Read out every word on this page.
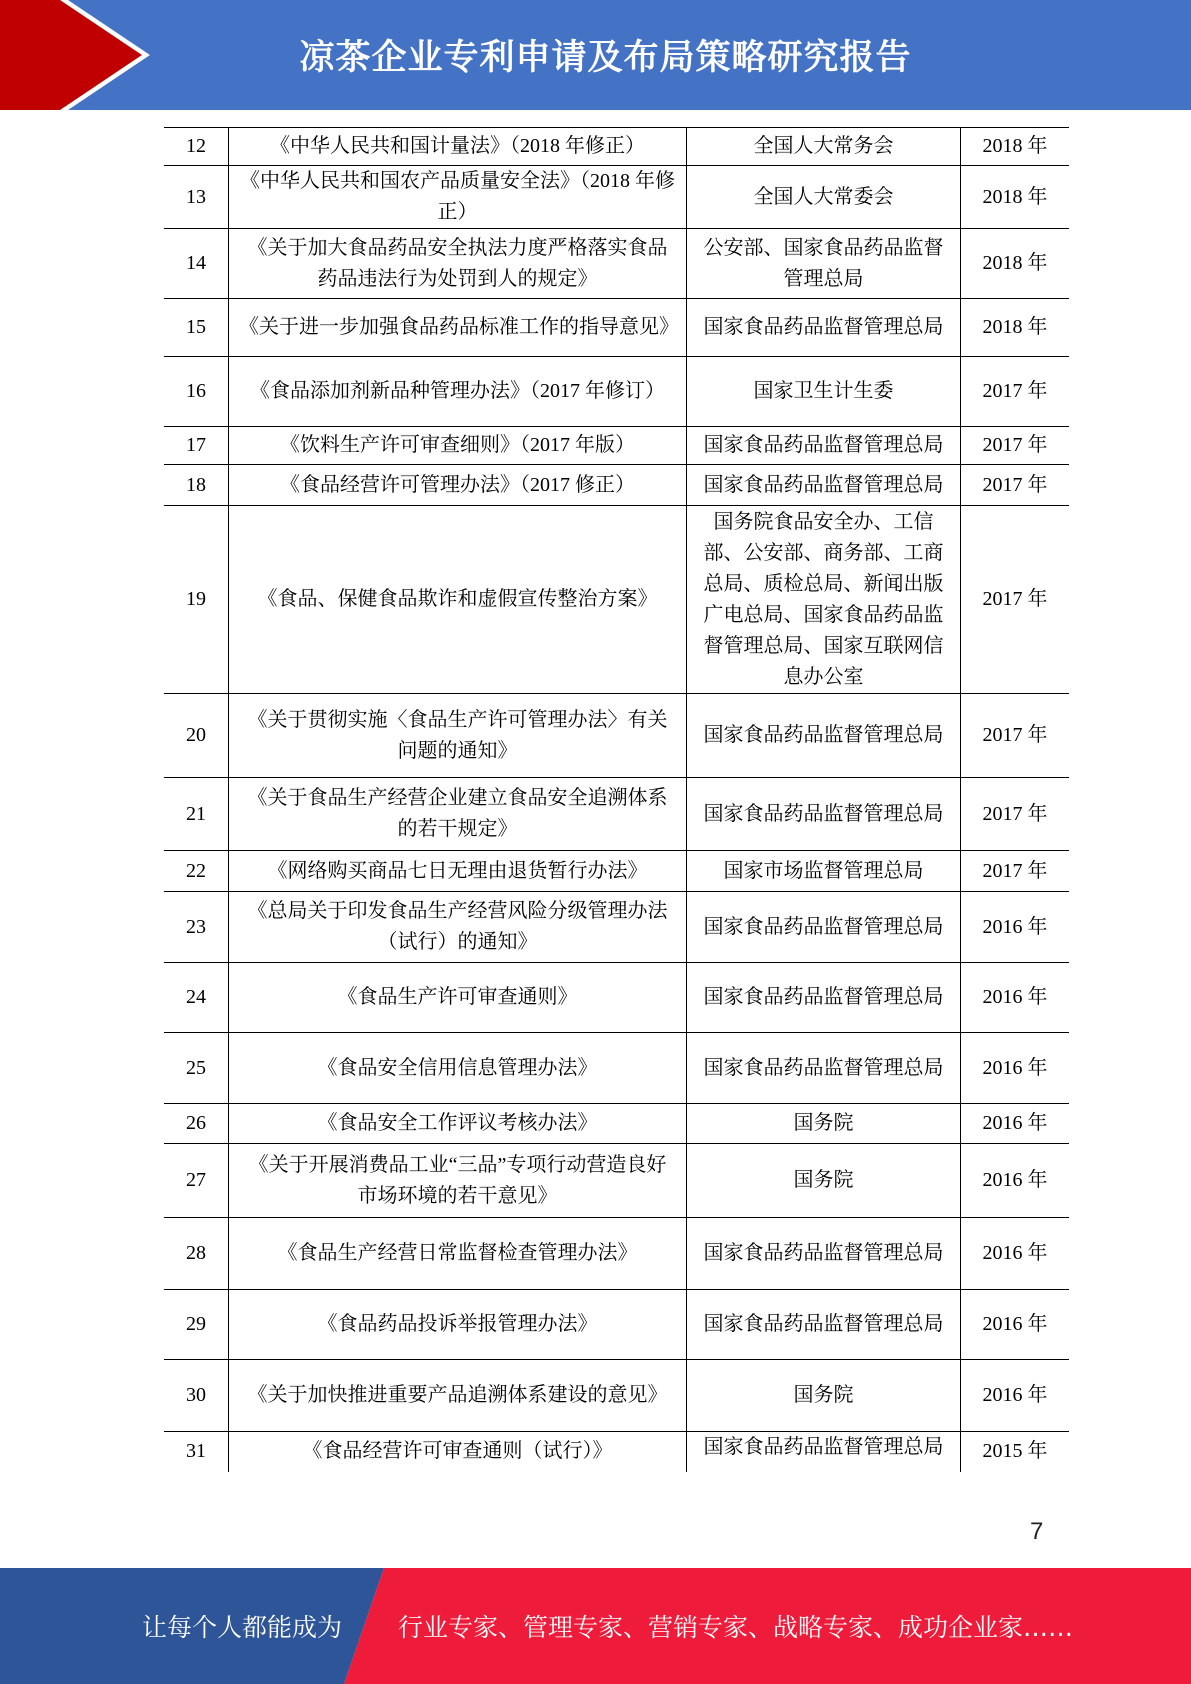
凉茶企业专利申请及布局策略研究报告
12	《中华人民共和国计量法》（2018 年修正）	全国人大常务会	2018 年

13	《中华人民共和国农产品质量安全法》（2018 年修正）	全国人大常委会	2018 年

14	《关于加大食品药品安全执法力度严格落实食品药品违法行为处罚到人的规定》	公安部、国家食品药品监督管理总局	2018 年

15	《关于进一步加强食品药品标准工作的指导意见》	国家食品药品监督管理总局	2018 年

16	《食品添加剂新品种管理办法》（2017 年修订）	国家卫生计生委	2017 年

17	《饮料生产许可审查细则》（2017 年版）	国家食品药品监督管理总局	2017 年

18	《食品经营许可管理办法》（2017 修正）	国家食品药品监督管理总局	2017 年

19	《食品、保健食品欺诈和虚假宣传整治方案》	国务院食品安全办、工信部、公安部、商务部、工商总局、质检总局、新闻出版广电总局、国家食品药品监督管理总局、国家互联网信息办公室	2017 年

20	《关于贯彻实施〈食品生产许可管理办法〉有关问题的通知》	国家食品药品监督管理总局	2017 年

21	《关于食品生产经营企业建立食品安全追溯体系的若干规定》	国家食品药品监督管理总局	2017 年

22	《网络购买商品七日无理由退货暂行办法》	国家市场监督管理总局	2017 年

23	《总局关于印发食品生产经营风险分级管理办法（试行）的通知》	国家食品药品监督管理总局	2016 年

24	《食品生产许可审查通则》	国家食品药品监督管理总局	2016 年

25	《食品安全信用信息管理办法》	国家食品药品监督管理总局	2016 年

26	《食品安全工作评议考核办法》	国务院	2016 年

27	《关于开展消费品工业“三品”专项行动营造良好市场环境的若干意见》	国务院	2016 年

28	《食品生产经营日常监督检查管理办法》	国家食品药品监督管理总局	2016 年

29	《食品药品投诉举报管理办法》	国家食品药品监督管理总局	2016 年

30	《关于加快推进重要产品追溯体系建设的意见》	国务院	2016 年

31	《食品经营许可审查通则（试行）》	国家食品药品监督管理总局	2015 年
7
让每个人都能成为 行业专家、管理专家、营销专家、战略专家、成功企业家……
